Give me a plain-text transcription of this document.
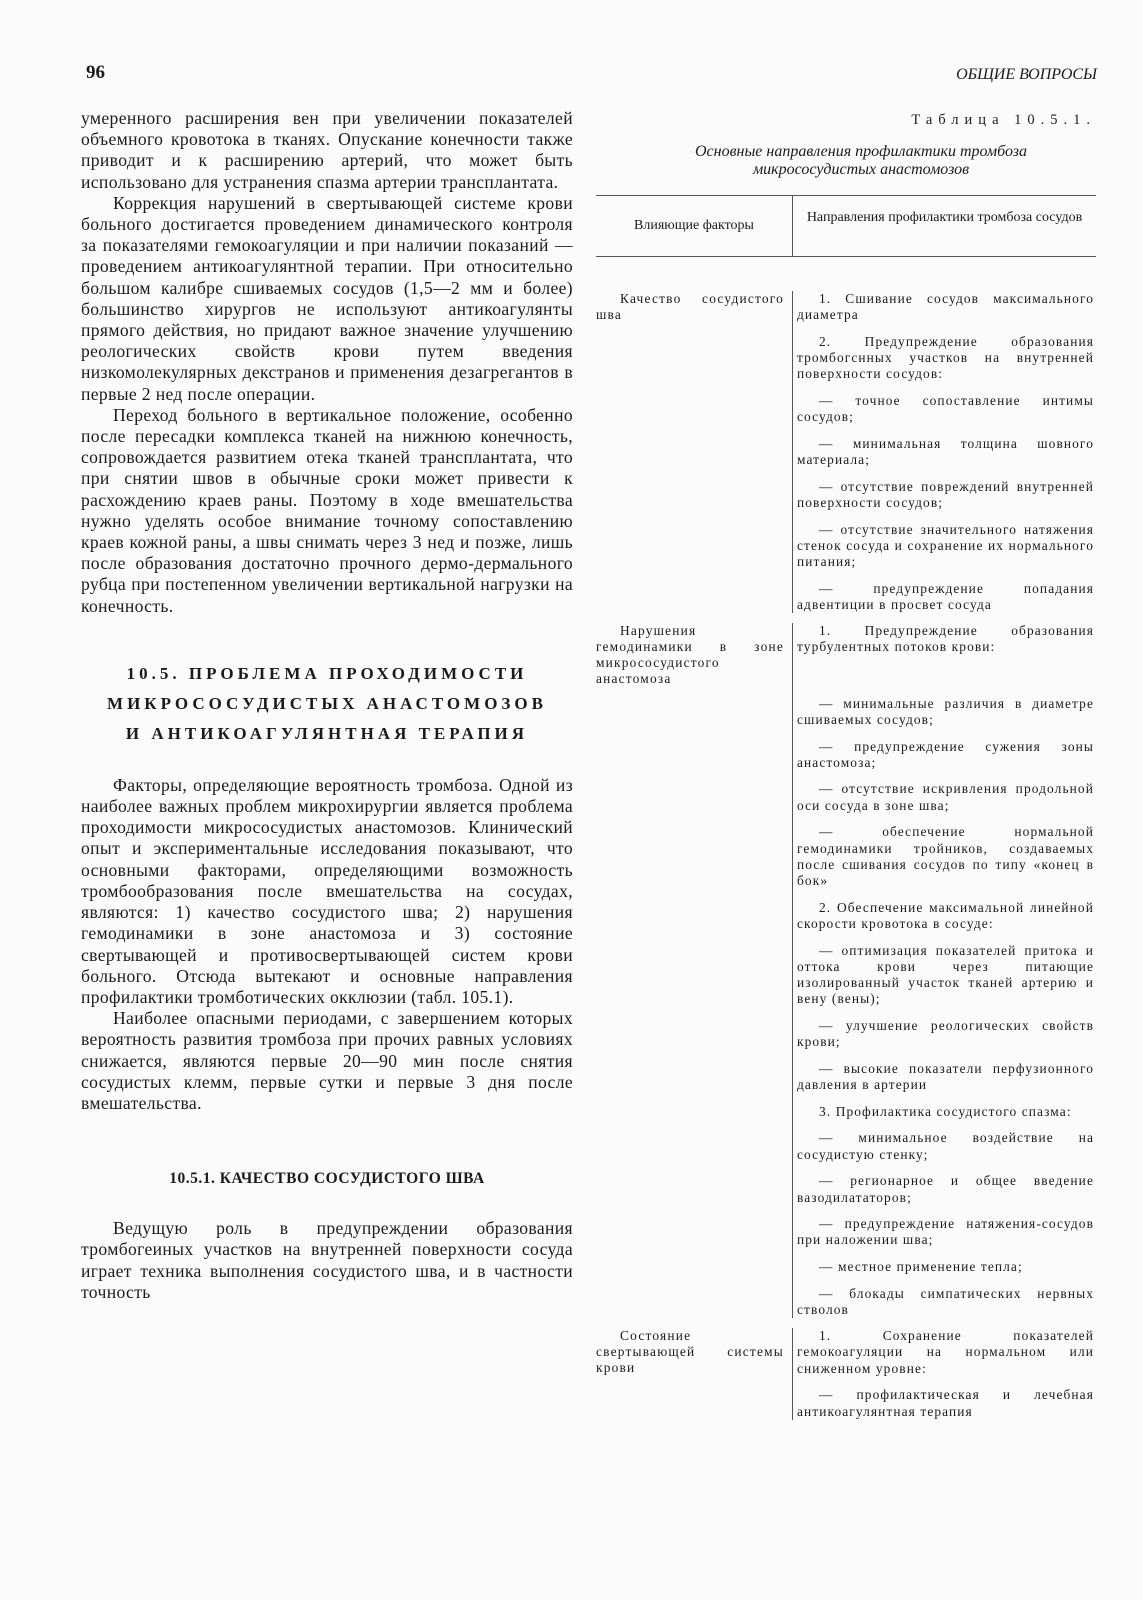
96	ОБЩИЕ ВОПРОСЫ

умеренного расширения вен при увеличении показателей объемного кровотока в тканях. Опускание конечности также приводит и к расширению артерий, что может быть использовано для устранения спазма артерии трансплантата.

Коррекция нарушений в свертывающей системе крови больного достигается проведением динамического контроля за показателями гемокоагуляции и при наличии показаний — проведением антикоагулянтной терапии. При относительно большом калибре сшиваемых сосудов (1,5—2 мм и более) большинство хирургов не используют антикоагулянты прямого действия, но придают важное значение улучшению реологических свойств крови путем введения низкомолекулярных декстранов и применения дезагрегантов в первые 2 нед после операции.

Переход больного в вертикальное положение, особенно после пересадки комплекса тканей на нижнюю конечность, сопровождается развитием отека тканей трансплантата, что при снятии швов в обычные сроки может привести к расхождению краев раны. Поэтому в ходе вмешательства нужно уделять особое внимание точному сопоставлению краев кожной раны, а швы снимать через 3 нед и позже, лишь после образования достаточно прочного дермо-дермального рубца при постепенном увеличении вертикальной нагрузки на конечность.

10.5. ПРОБЛЕМА ПРОХОДИМОСТИ
МИКРОСОСУДИСТЫХ АНАСТОМОЗОВ
И АНТИКОАГУЛЯНТНАЯ ТЕРАПИЯ

Факторы, определяющие вероятность тромбоза. Одной из наиболее важных проблем микрохирургии является проблема проходимости микрососудистых анастомозов. Клинический опыт и экспериментальные исследования показывают, что основными факторами, определяющими возможность тромбообразования после вмешательства на сосудах, являются: 1) качество сосудистого шва; 2) нарушения гемодинамики в зоне анастомоза и 3) состояние свертывающей и противосвертывающей систем крови больного. Отсюда вытекают и основные направления профилактики тромботических окклюзии (табл. 105.1).

Наиболее опасными периодами, с завершением которых вероятность развития тромбоза при прочих равных условиях снижается, являются первые 20—90 мин после снятия сосудистых клемм, первые сутки и первые 3 дня после вмешательства.

10.5.1. КАЧЕСТВО СОСУДИСТОГО ШВА

Ведущую роль в предупреждении образования тромбогеиных участков на внутренней поверхности сосуда играет техника выполнения сосудистого шва, и в частности точность

Таблица 10.5.1.
Основные направления профилактики тромбоза микрососудистых анастомозов
Влияющие факторы
Направления профилактики тромбоза сосудов
Качество сосудистого шва

1. Сшивание сосудов максимального диаметра

2. Предупреждение образования тромбогснных участков на внутренней поверхности сосудов:

— точное сопоставление интимы сосудов;

— минимальная толщина шовного материала;

— отсутствие повреждений внутренней поверхности сосудов;

— отсутствие значительного натяжения стенок сосуда и сохранение их нормального питания;

— предупреждение попадания адвентиции в просвет сосуда

Нарушения гемодинамики в зоне микрососудистого анастомоза

1. Предупреждение образования турбулентных потоков крови:

— минимальные различия в диаметре сшиваемых сосудов;

— предупреждение сужения зоны анастомоза;

— отсутствие искривления продольной оси сосуда в зоне шва;

— обеспечение нормальной гемодинамики тройников, создаваемых после сшивания сосудов по типу «конец в бок»

2. Обеспечение максимальной линейной скорости кровотока в сосуде:

— оптимизация показателей притока и оттока крови через питающие изолированный участок тканей артерию и вену (вены);

— улучшение реологических свойств крови;

— высокие показатели перфузионного давления в артерии

3. Профилактика сосудистого спазма:

— минимальное воздействие на сосудистую стенку;

— регионарное и общее введение вазодилататоров;

— предупреждение натяжения-сосудов при наложении шва;

— местное применение тепла;

— блокады симпатических нервных стволов

Состояние свертывающей системы крови

1. Сохранение показателей гемокоагуляции на нормальном или сниженном уровне:

— профилактическая и лечебная антикоагулянтная терапия
